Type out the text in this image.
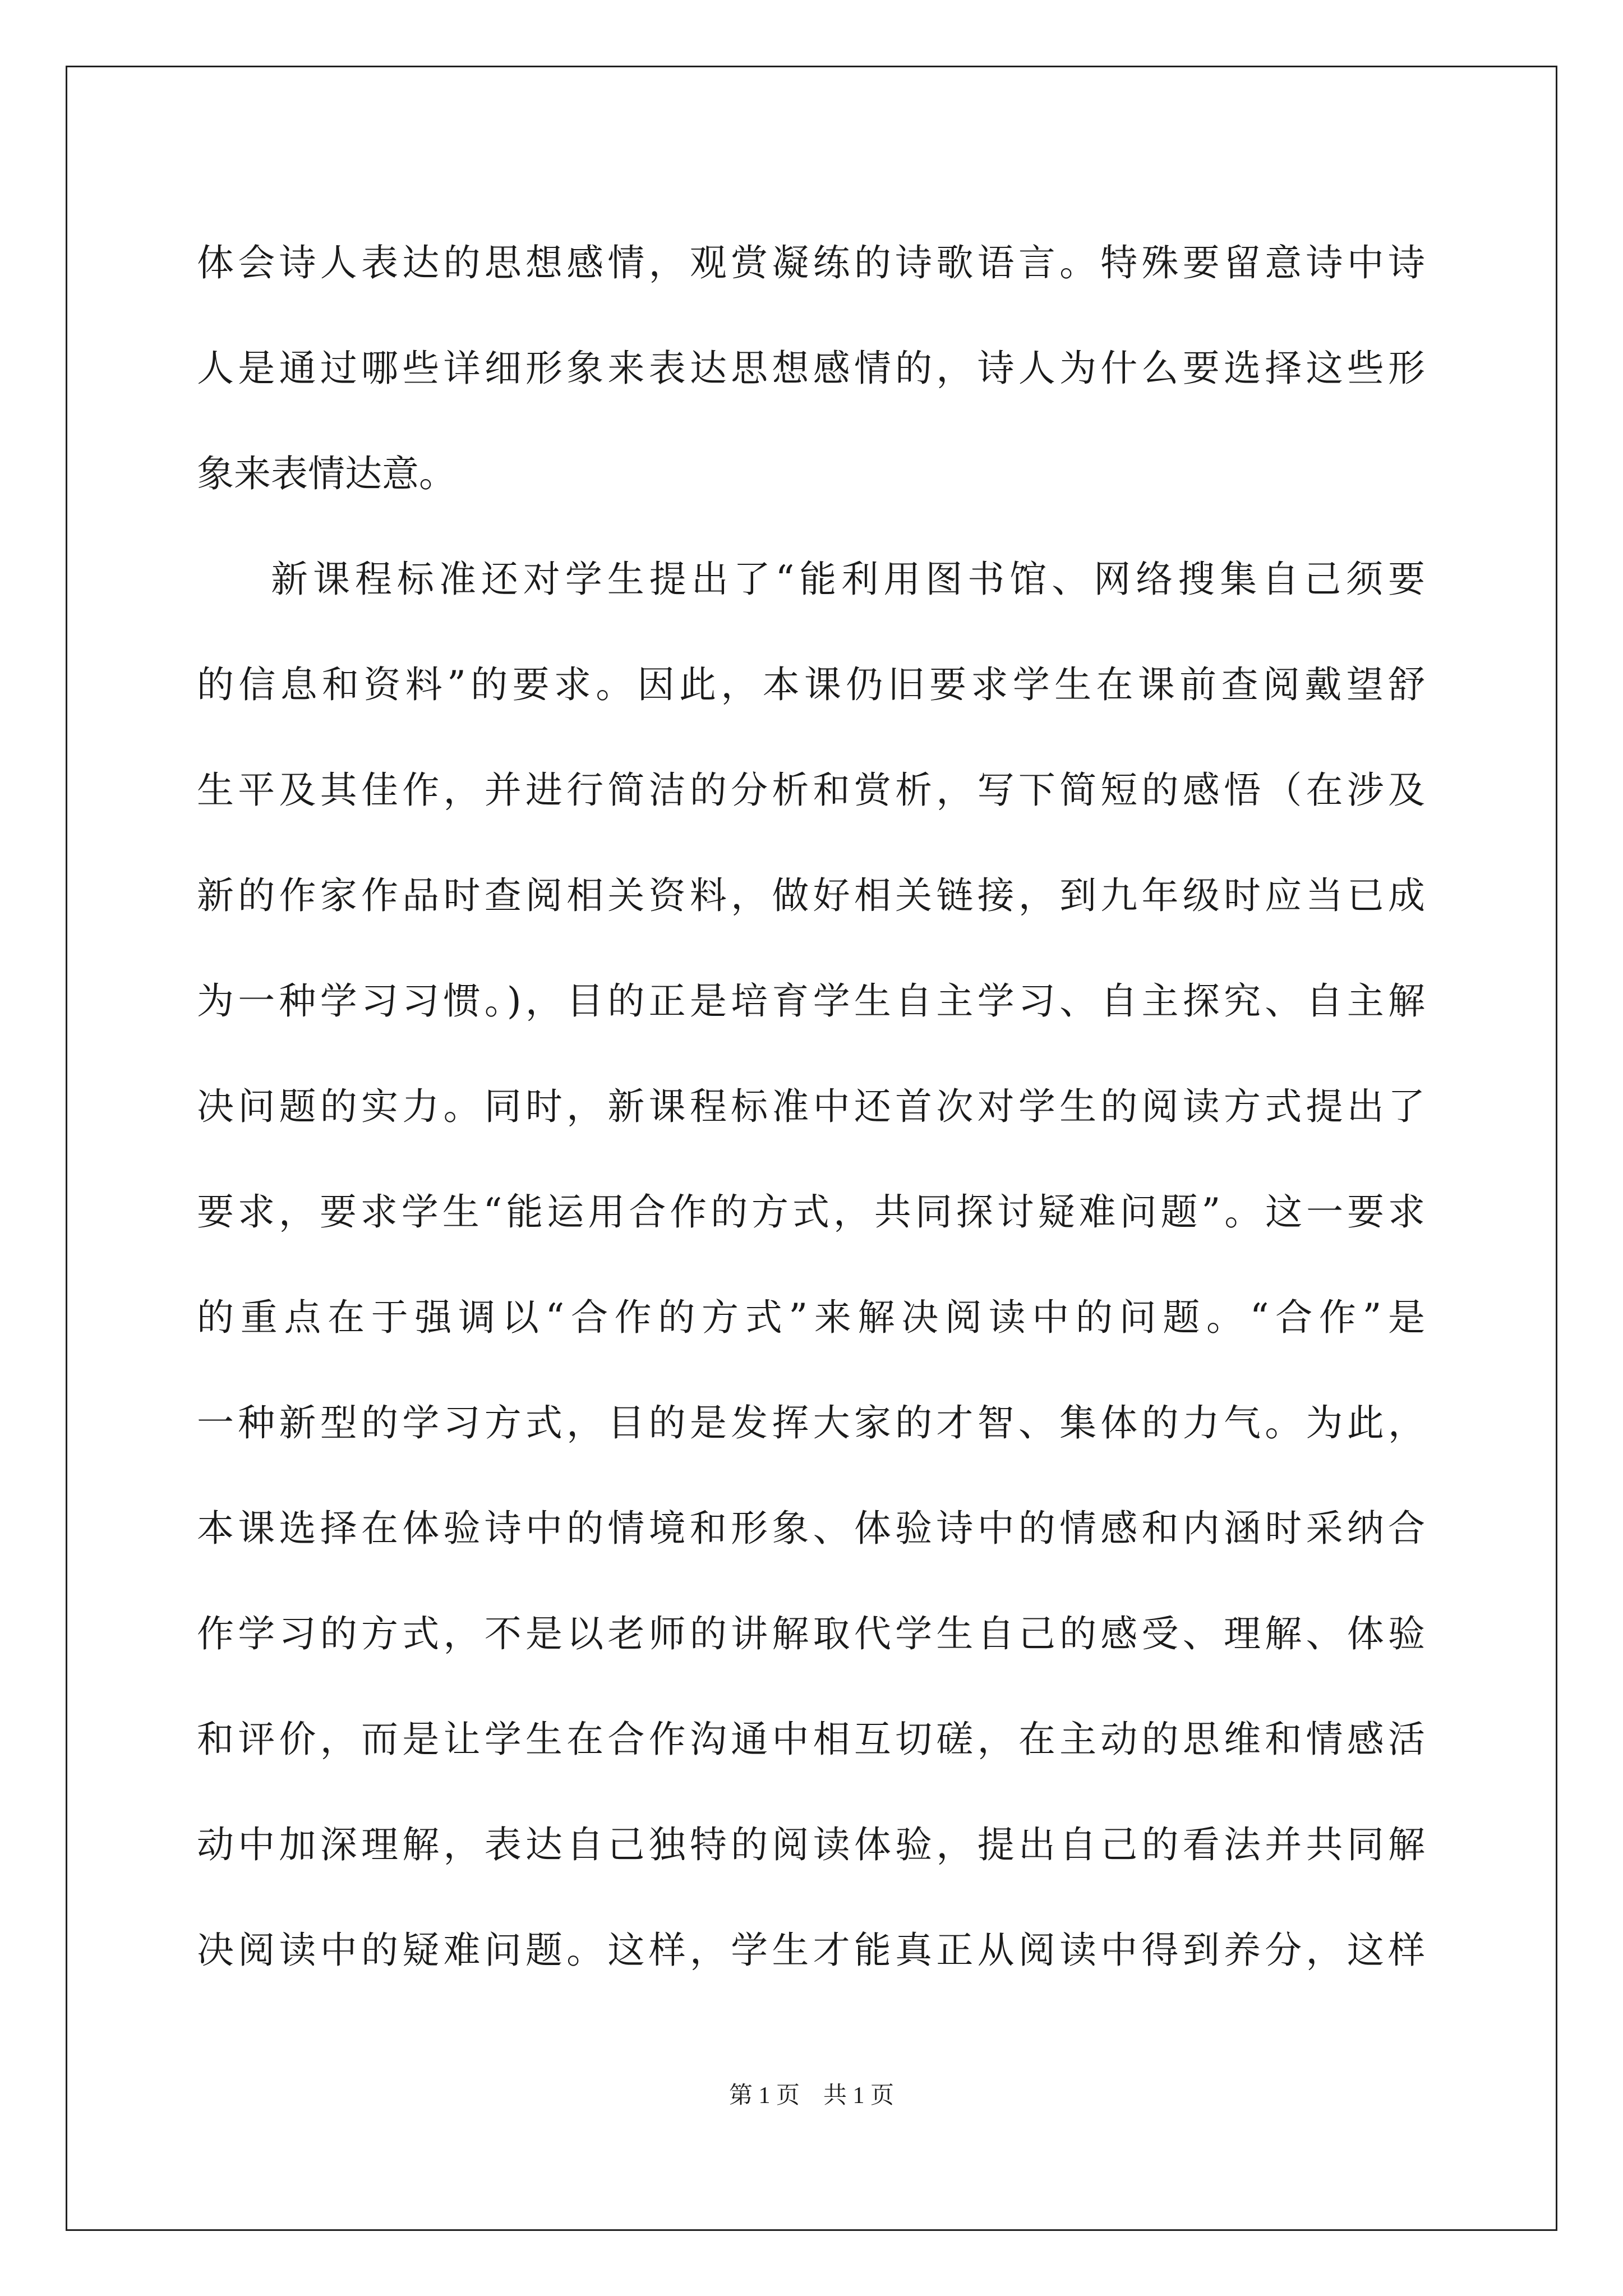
体会诗人表达的思想感情，观赏凝练的诗歌语言。特殊要留意诗中诗
人是通过哪些详细形象来表达思想感情的，诗人为什么要选择这些形
象来表情达意。
新课程标准还对学生提出了“能利用图书馆、网络搜集自己须要
的信息和资料”的要求。因此，本课仍旧要求学生在课前查阅戴望舒
生平及其佳作，并进行简洁的分析和赏析，写下简短的感悟（在涉及
新的作家作品时查阅相关资料，做好相关链接，到九年级时应当已成
为一种学习习惯。)，目的正是培育学生自主学习、自主探究、自主解
决问题的实力。同时，新课程标准中还首次对学生的阅读方式提出了
要求，要求学生“能运用合作的方式，共同探讨疑难问题”。这一要求
的重点在于强调以“合作的方式”来解决阅读中的问题。“合作”是
一种新型的学习方式，目的是发挥大家的才智、集体的力气。为此，
本课选择在体验诗中的情境和形象、体验诗中的情感和内涵时采纳合
作学习的方式，不是以老师的讲解取代学生自己的感受、理解、体验
和评价，而是让学生在合作沟通中相互切磋，在主动的思维和情感活
动中加深理解，表达自己独特的阅读体验，提出自己的看法并共同解
决阅读中的疑难问题。这样，学生才能真正从阅读中得到养分，这样
第 1 页　共 1 页
